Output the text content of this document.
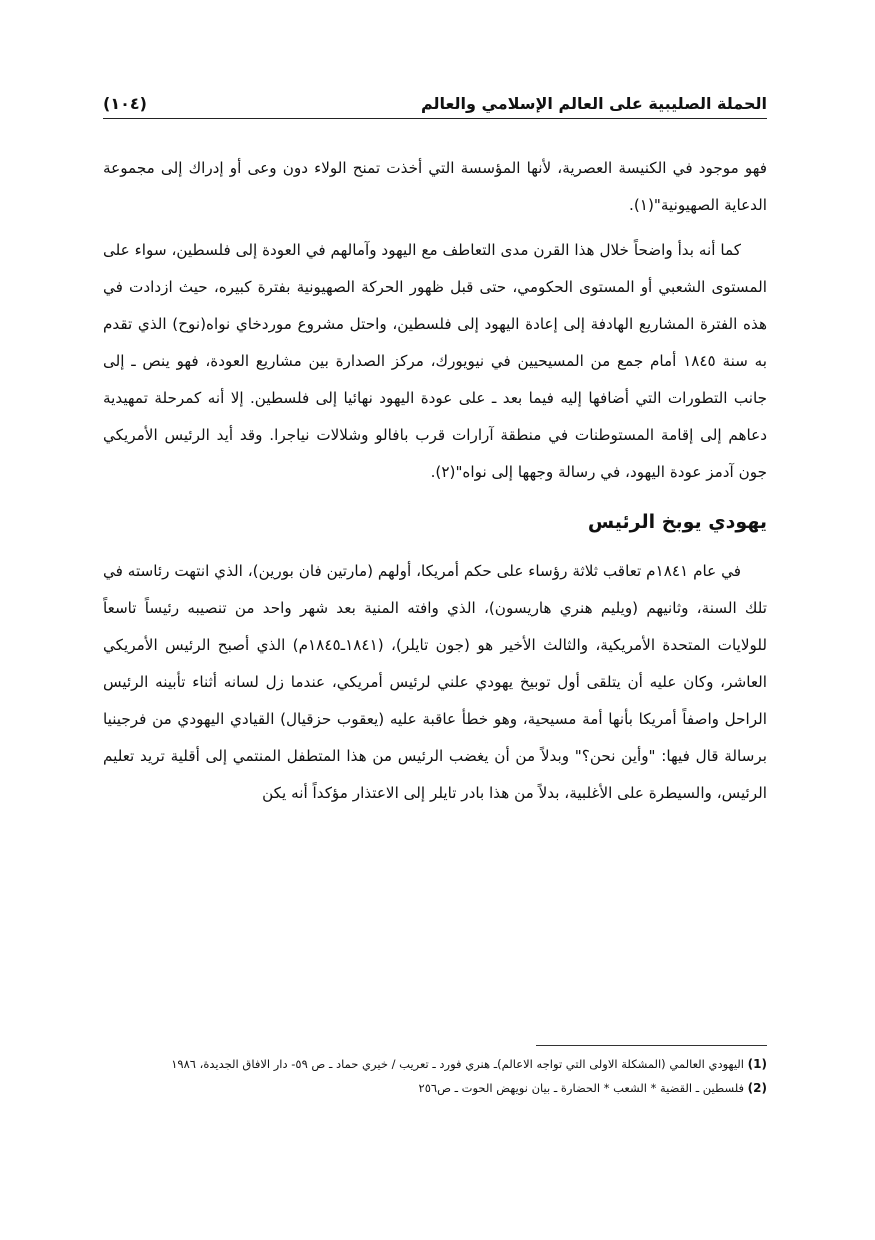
الحملة الصليبية على العالم الإسلامي والعالم
(١٠٤)

فهو موجود في الكنيسة العصرية، لأنها المؤسسة التي أخذت تمنح الولاء دون وعى أو إدراك إلى مجموعة الدعاية الصهيونية"(١).

كما أنه بدأ واضحاً خلال هذا القرن مدى التعاطف مع اليهود وآمالهم في العودة إلى فلسطين، سواء على المستوى الشعبي أو المستوى الحكومي، حتى قبل ظهور الحركة الصهيونية بفترة كبيره، حيث ازدادت في هذه الفترة المشاريع الهادفة إلى إعادة اليهود إلى فلسطين، واحتل مشروع موردخاي نواه(نوح) الذي تقدم به سنة ١٨٤٥ أمام جمع من المسيحيين في نيويورك، مركز الصدارة بين مشاريع العودة، فهو ينص ـ إلى جانب التطورات التي أضافها إليه فيما بعد ـ على عودة اليهود نهائيا إلى فلسطين. إلا أنه كمرحلة تمهيدية دعاهم إلى إقامة المستوطنات في منطقة آرارات قرب بافالو وشلالات نياجرا. وقد أيد الرئيس الأمريكي جون آدمز عودة اليهود، في رسالة وجهها إلى نواه"(٢).

يهودي يوبخ الرئيس

في عام ١٨٤١م تعاقب ثلاثة رؤساء على حكم أمريكا، أولهم (مارتين فان بورين)، الذي انتهت رئاسته في تلك السنة، وثانيهم (ويليم هنري هاريسون)، الذي وافته المنية بعد شهر واحد من تنصيبه رئيساً تاسعاً للولايات المتحدة الأمريكية، والثالث الأخير هو (جون تايلر)، (١٨٤١ـ١٨٤٥م) الذي أصبح الرئيس الأمريكي العاشر، وكان عليه أن يتلقى أول توبيخ يهودي علني لرئيس أمريكي، عندما زل لسانه أثناء تأبينه الرئيس الراحل واصفاً أمريكا بأنها أمة مسيحية، وهو خطأ عاقبة عليه (يعقوب حزقيال) القيادي اليهودي من فرجينيا برسالة قال فيها: "وأين نحن؟" وبدلاً من أن يغضب الرئيس من هذا المتطفل المنتمي إلى أقلية تريد تعليم الرئيس، والسيطرة على الأغلبية، بدلاً من هذا بادر تايلر إلى الاعتذار مؤكداً أنه يكن

(1) اليهودي العالمي (المشكلة الاولى التي تواجه الاعالم)ـ هنري فورد ـ تعريب / خيري حماد ـ ص ٥٩- دار الافاق الجديدة، ١٩٨٦

(2) فلسطين ـ القضية * الشعب * الحضارة ـ بيان نويهض الحوت ـ ص٢٥٦
